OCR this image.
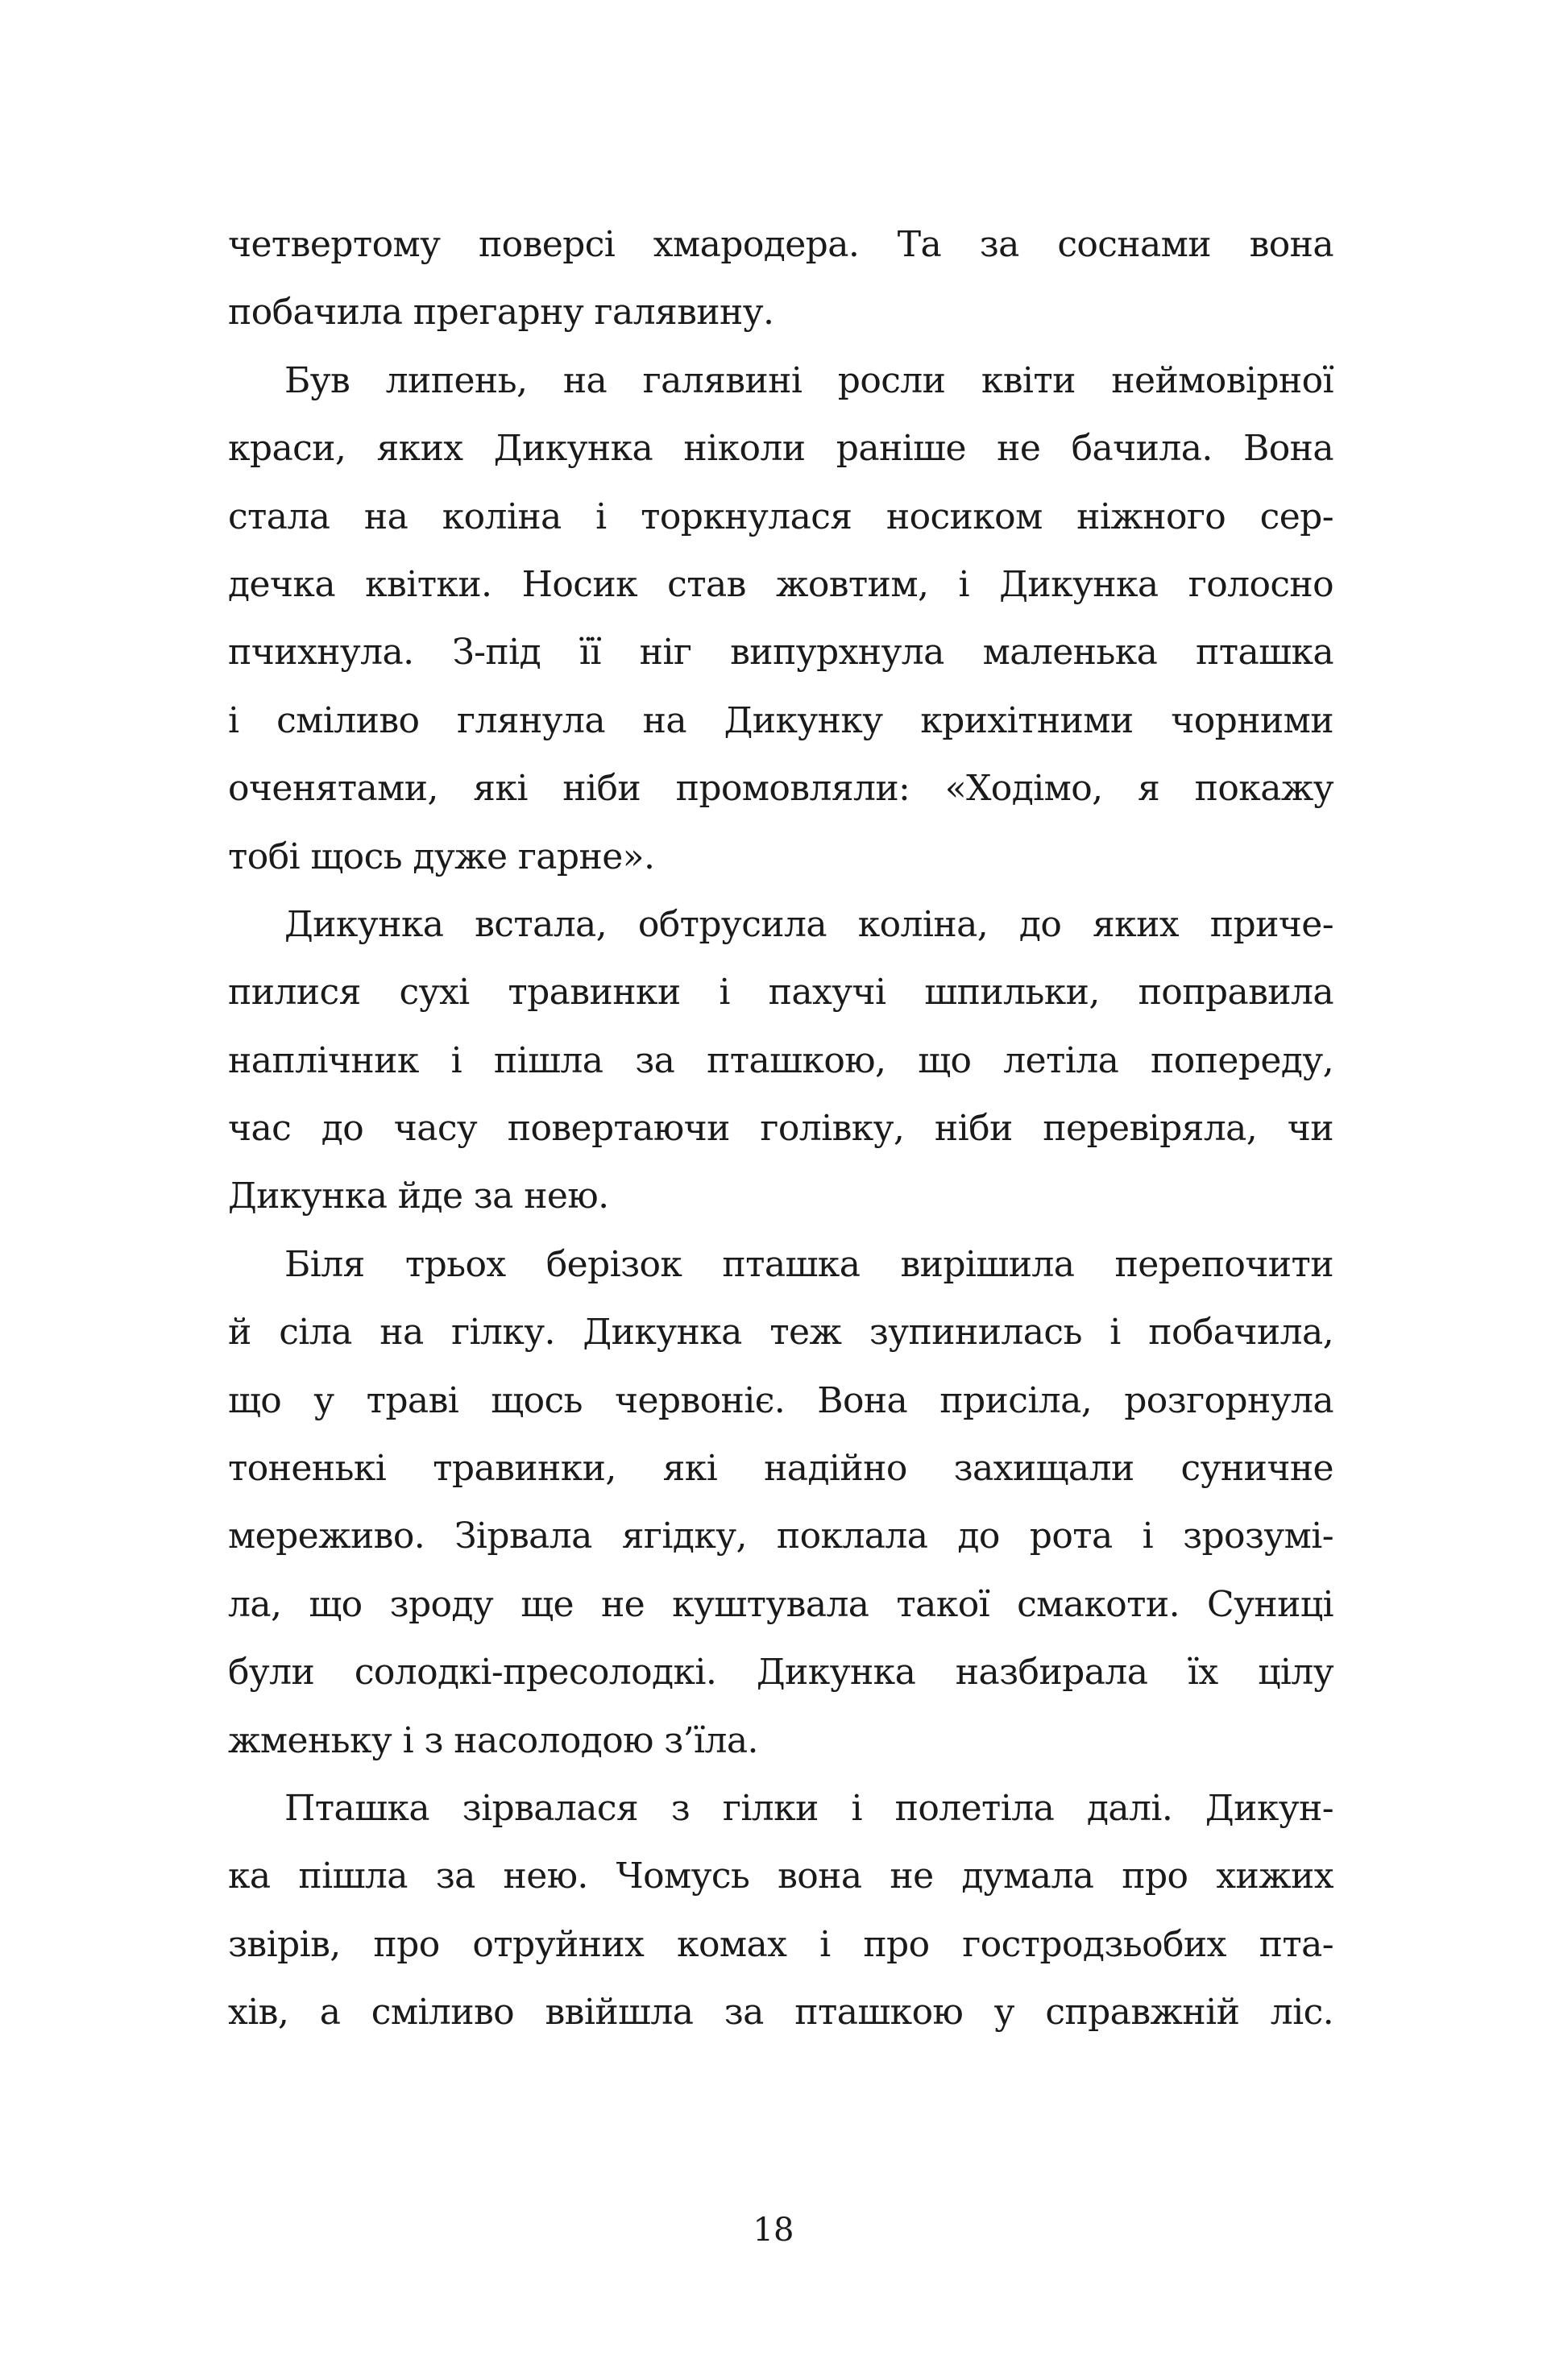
четвертому поверсі хмародера. Та за соснами вона
побачила прегарну галявину.
Був липень, на галявині росли квіти неймовірної
краси, яких Дикунка ніколи раніше не бачила. Вона
стала на коліна і торкнулася носиком ніжного сер-
дечка квітки. Носик став жовтим, і Дикунка голосно
пчихнула. З-під її ніг випурхнула маленька пташка
і сміливо глянула на Дикунку крихітними чорними
оченятами, які ніби промовляли: «Ходімо, я покажу
тобі щось дуже гарне».
Дикунка встала, обтрусила коліна, до яких приче-
пилися сухі травинки і пахучі шпильки, поправила
наплічник і пішла за пташкою, що летіла попереду,
час до часу повертаючи голівку, ніби перевіряла, чи
Дикунка йде за нею.
Біля трьох берізок пташка вирішила перепочити
й сіла на гілку. Дикунка теж зупинилась і побачила,
що у траві щось червоніє. Вона присіла, розгорнула
тоненькі травинки, які надійно захищали суничне
мереживо. Зірвала ягідку, поклала до рота і зрозумі-
ла, що зроду ще не куштувала такої смакоти. Суниці
були солодкі-пресолодкі. Дикунка назбирала їх цілу
жменьку і з насолодою з’їла.
Пташка зірвалася з гілки і полетіла далі. Дикун-
ка пішла за нею. Чомусь вона не думала про хижих
звірів, про отруйних комах і про гостродзьобих пта-
хів, а сміливо ввійшла за пташкою у справжній ліс.
18
